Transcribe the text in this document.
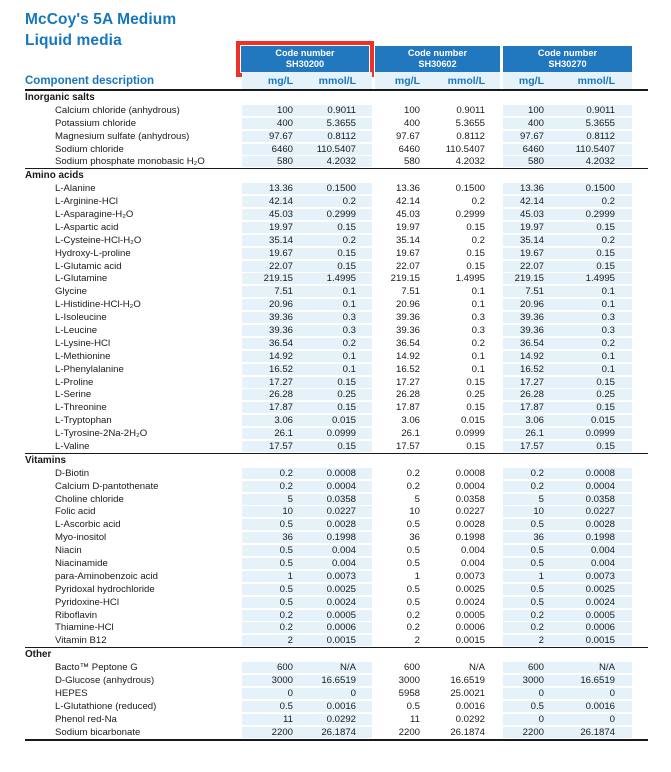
McCoy's 5A Medium
Liquid media
Code number
SH30200
Code number
SH30602
Code number
SH30270
Component description	mg/L	mmol/L	mg/L	mmol/L	mg/L	mmol/L
Inorganic salts
Calcium chloride (anhydrous)	100	0.9011	100	0.9011	100	0.9011
Potassium chloride	400	5.3655	400	5.3655	400	5.3655
Magnesium sulfate (anhydrous)	97.67	0.8112	97.67	0.8112	97.67	0.8112
Sodium chloride	6460	110.5407	6460	110.5407	6460	110.5407
Sodium phosphate monobasic H₂O	580	4.2032	580	4.2032	580	4.2032
Amino acids
L-Alanine	13.36	0.1500	13.36	0.1500	13.36	0.1500
L-Arginine-HCl	42.14	0.2	42.14	0.2	42.14	0.2
L-Asparagine-H₂O	45.03	0.2999	45.03	0.2999	45.03	0.2999
L-Aspartic acid	19.97	0.15	19.97	0.15	19.97	0.15
L-Cysteine-HCl-H₂O	35.14	0.2	35.14	0.2	35.14	0.2
Hydroxy-L-proline	19.67	0.15	19.67	0.15	19.67	0.15
L-Glutamic acid	22.07	0.15	22.07	0.15	22.07	0.15
L-Glutamine	219.15	1.4995	219.15	1.4995	219.15	1.4995
Glycine	7.51	0.1	7.51	0.1	7.51	0.1
L-Histidine-HCl-H₂O	20.96	0.1	20.96	0.1	20.96	0.1
L-Isoleucine	39.36	0.3	39.36	0.3	39.36	0.3
L-Leucine	39.36	0.3	39.36	0.3	39.36	0.3
L-Lysine-HCl	36.54	0.2	36.54	0.2	36.54	0.2
L-Methionine	14.92	0.1	14.92	0.1	14.92	0.1
L-Phenylalanine	16.52	0.1	16.52	0.1	16.52	0.1
L-Proline	17.27	0.15	17.27	0.15	17.27	0.15
L-Serine	26.28	0.25	26.28	0.25	26.28	0.25
L-Threonine	17.87	0.15	17.87	0.15	17.87	0.15
L-Tryptophan	3.06	0.015	3.06	0.015	3.06	0.015
L-Tyrosine-2Na-2H₂O	26.1	0.0999	26.1	0.0999	26.1	0.0999
L-Valine	17.57	0.15	17.57	0.15	17.57	0.15
Vitamins
D-Biotin	0.2	0.0008	0.2	0.0008	0.2	0.0008
Calcium D-pantothenate	0.2	0.0004	0.2	0.0004	0.2	0.0004
Choline chloride	5	0.0358	5	0.0358	5	0.0358
Folic acid	10	0.0227	10	0.0227	10	0.0227
L-Ascorbic acid	0.5	0.0028	0.5	0.0028	0.5	0.0028
Myo-inositol	36	0.1998	36	0.1998	36	0.1998
Niacin	0.5	0.004	0.5	0.004	0.5	0.004
Niacinamide	0.5	0.004	0.5	0.004	0.5	0.004
para-Aminobenzoic acid	1	0.0073	1	0.0073	1	0.0073
Pyridoxal hydrochloride	0.5	0.0025	0.5	0.0025	0.5	0.0025
Pyridoxine-HCl	0.5	0.0024	0.5	0.0024	0.5	0.0024
Riboflavin	0.2	0.0005	0.2	0.0005	0.2	0.0005
Thiamine-HCl	0.2	0.0006	0.2	0.0006	0.2	0.0006
Vitamin B12	2	0.0015	2	0.0015	2	0.0015
Other
Bacto™ Peptone G	600	N/A	600	N/A	600	N/A
D-Glucose (anhydrous)	3000	16.6519	3000	16.6519	3000	16.6519
HEPES	0	0	5958	25.0021	0	0
L-Glutathione (reduced)	0.5	0.0016	0.5	0.0016	0.5	0.0016
Phenol red-Na	11	0.0292	11	0.0292	0	0
Sodium bicarbonate	2200	26.1874	2200	26.1874	2200	26.1874
